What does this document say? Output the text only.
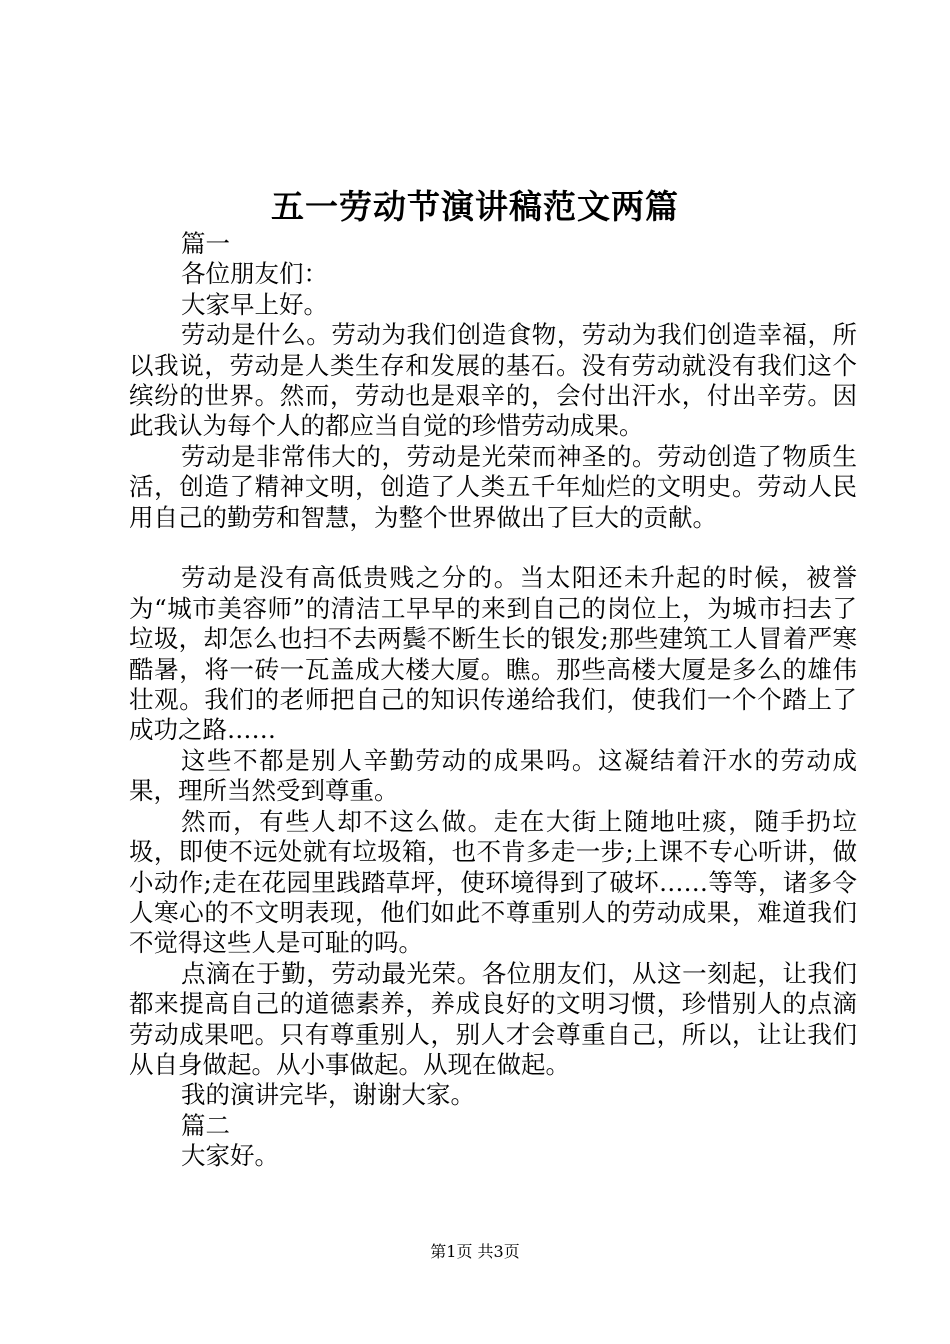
五一劳动节演讲稿范文两篇

篇一

各位朋友们：

大家早上好。

劳动是什么。劳动为我们创造食物，劳动为我们创造幸福，所以我说，劳动是人类生存和发展的基石。没有劳动就没有我们这个缤纷的世界。然而，劳动也是艰辛的，会付出汗水，付出辛劳。因此我认为每个人的都应当自觉的珍惜劳动成果。

劳动是非常伟大的，劳动是光荣而神圣的。劳动创造了物质生活，创造了精神文明，创造了人类五千年灿烂的文明史。劳动人民用自己的勤劳和智慧，为整个世界做出了巨大的贡献。

劳动是没有高低贵贱之分的。当太阳还未升起的时候，被誉为“城市美容师”的清洁工早早的来到自己的岗位上，为城市扫去了垃圾，却怎么也扫不去两鬓不断生长的银发;那些建筑工人冒着严寒酷暑，将一砖一瓦盖成大楼大厦。瞧。那些高楼大厦是多么的雄伟壮观。我们的老师把自己的知识传递给我们，使我们一个个踏上了成功之路……

这些不都是别人辛勤劳动的成果吗。这凝结着汗水的劳动成果，理所当然受到尊重。

然而，有些人却不这么做。走在大街上随地吐痰，随手扔垃圾，即使不远处就有垃圾箱，也不肯多走一步;上课不专心听讲，做小动作;走在花园里践踏草坪，使环境得到了破坏……等等，诸多令人寒心的不文明表现，他们如此不尊重别人的劳动成果，难道我们不觉得这些人是可耻的吗。

点滴在于勤，劳动最光荣。各位朋友们，从这一刻起，让我们都来提高自己的道德素养，养成良好的文明习惯，珍惜别人的点滴劳动成果吧。只有尊重别人，别人才会尊重自己，所以，让让我们从自身做起。从小事做起。从现在做起。

我的演讲完毕，谢谢大家。

篇二

大家好。

第1页 共3页
